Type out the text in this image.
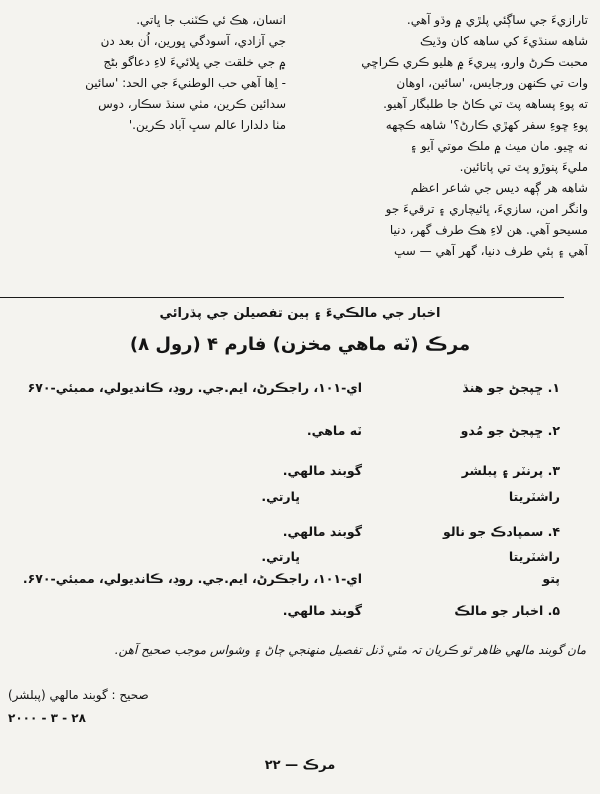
تارازيءَ جي ساڳئي پلڙي ۾ وڌو آهي.

شاهه سنڌيءَ کي ساهه کان وڌيڪ

محبت ڪرڻ وارو، پيريءَ ۾ هليو ڪري ڪراڇي

وات تي ڪنهن ورجايس، 'سائين، اوهان

ته پوءِ پساهه پٽ تي ڪاڻ جا طلبگار آهيو.

پوءِ ڇوءِ سفر کهڙي ڪارڻ؟' شاهه ڪچهه

نه ڇيو. مان ميٺ ۾ ملڪ موتي آيو ۽

مليءَ پنوڙو پٽ تي پاتائين.

شاهه هر ڳهه ديس جي شاعر اعظم

وانگر امن، سازيءَ، ڀائيچاري ۽ ترقيءَ جو

مسيحو آهي. هن لاءِ هڪ طرف گهر، دنيا

آهي ۽ ٻئي طرف دنيا، گهر آهي — سڀ

انسان، هڪ ئي ڪٽنب جا ڀاتي.

جي آزادي، آسودگي ڀورين، اُن بعد دن

۾ جي خلقت جي ڀلائيءَ لاءِ دعاگو بڻج

- اِها آهي حب الوطنيءَ جي الحد: 'سائين

سدائين ڪرين، مٺي سنڌ سڪار، دوس

مٺا دلدارا عالم سڀ آباد ڪرين.'

اخبار جي مالڪيءَ ۽ ٻين تفصيلن جي پڌرائي
مرڪ (ٽه ماهي مخزن) فارم ۴ (رول ۸)
۱. ڇپجڻ جو هنڌ
اي-۱۰۱، راجڪرڻ، ايم.جي. روڊ، ڪانديولي، ممبئي-۶۷۰
۲. ڇپجڻ جو مُدو
ٽه ماهي.
۳. پرنٽر ۽ پبلشر
گوبند مالهي.
راشٽريتا
ڀارتي.
۴. سمپادڪ جو نالو
گوبند مالهي.
راشٽريتا
ڀارتي.
پتو
اي-۱۰۱، راجڪرڻ، ايم.جي. روڊ، ڪانديولي، ممبئي-۶۷۰.
۵. اخبار جو مالڪ
گوبند مالهي.
مان گوبند مالهي ظاهر ٿو ڪريان تہ مٿي ڏنل تفصيل منهنجي ڄاڻ ۽ وشواس موجب صحيح آهن.
صحيح : گوبند مالهي (پبلشر)
۲۰۰۰ - ۳ - ۲۸
مرڪ — ۲۲
